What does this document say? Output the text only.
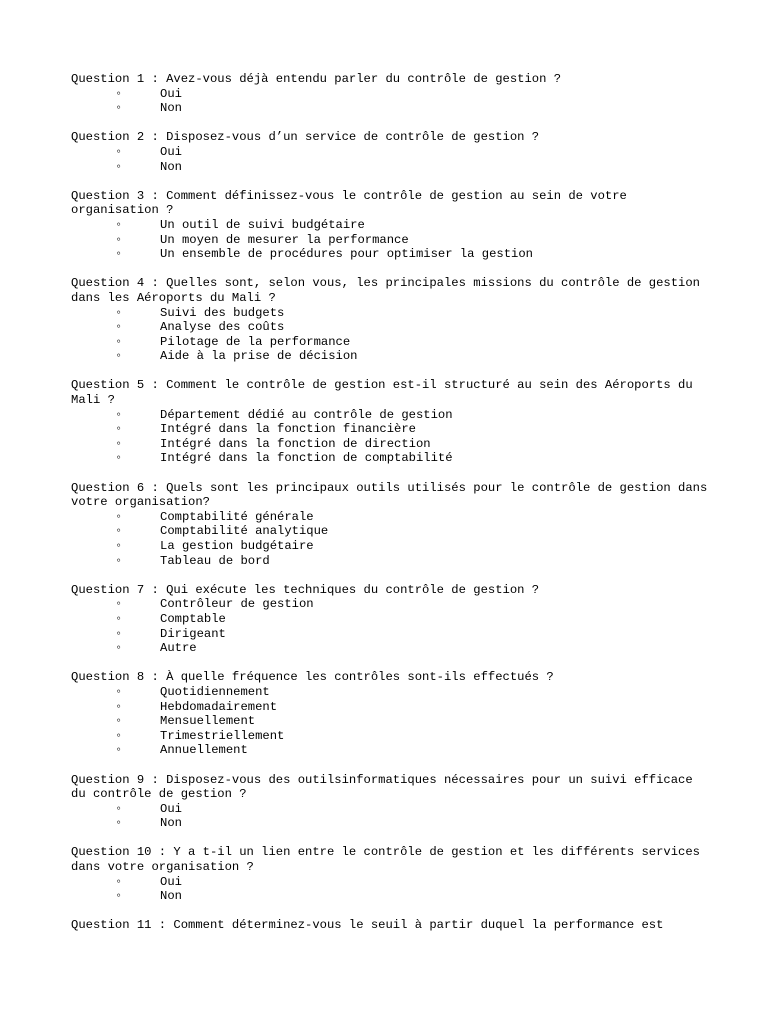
Question 1 : Avez-vous déjà entendu parler du contrôle de gestion ?
◦	Oui
◦	Non
Question 2 : Disposez-vous d’un service de contrôle de gestion ?
◦	Oui
◦	Non
Question 3 : Comment définissez-vous le contrôle de gestion au sein de votre organisation ?
◦	Un outil de suivi budgétaire
◦	Un moyen de mesurer la performance
◦	Un ensemble de procédures pour optimiser la gestion
Question 4 : Quelles sont, selon vous, les principales missions du contrôle de gestion dans les Aéroports du Mali ?
◦	Suivi des budgets
◦	Analyse des coûts
◦	Pilotage de la performance
◦	Aide à la prise de décision
Question 5 : Comment le contrôle de gestion est-il structuré au sein des Aéroports du Mali ?
◦	Département dédié au contrôle de gestion
◦	Intégré dans la fonction financière
◦	Intégré dans la fonction de direction
◦	Intégré dans la fonction de comptabilité
Question 6 : Quels sont les principaux outils utilisés pour le contrôle de gestion dans votre organisation?
◦	Comptabilité générale
◦	Comptabilité analytique
◦	La gestion budgétaire
◦	Tableau de bord
Question 7 : Qui exécute les techniques du contrôle de gestion ?
◦	Contrôleur de gestion
◦	Comptable
◦	Dirigeant
◦	Autre
Question 8 : À quelle fréquence les contrôles sont-ils effectués ?
◦	Quotidiennement
◦	Hebdomadairement
◦	Mensuellement
◦	Trimestriellement
◦	Annuellement
Question 9 : Disposez-vous des outilsinformatiques nécessaires pour un suivi efficace du contrôle de gestion ?
◦	Oui
◦	Non
Question 10 : Y a t-il un lien entre le contrôle de gestion et les différents services dans votre organisation ?
◦	Oui
◦	Non
Question 11 : Comment déterminez-vous le seuil à partir duquel la performance est
